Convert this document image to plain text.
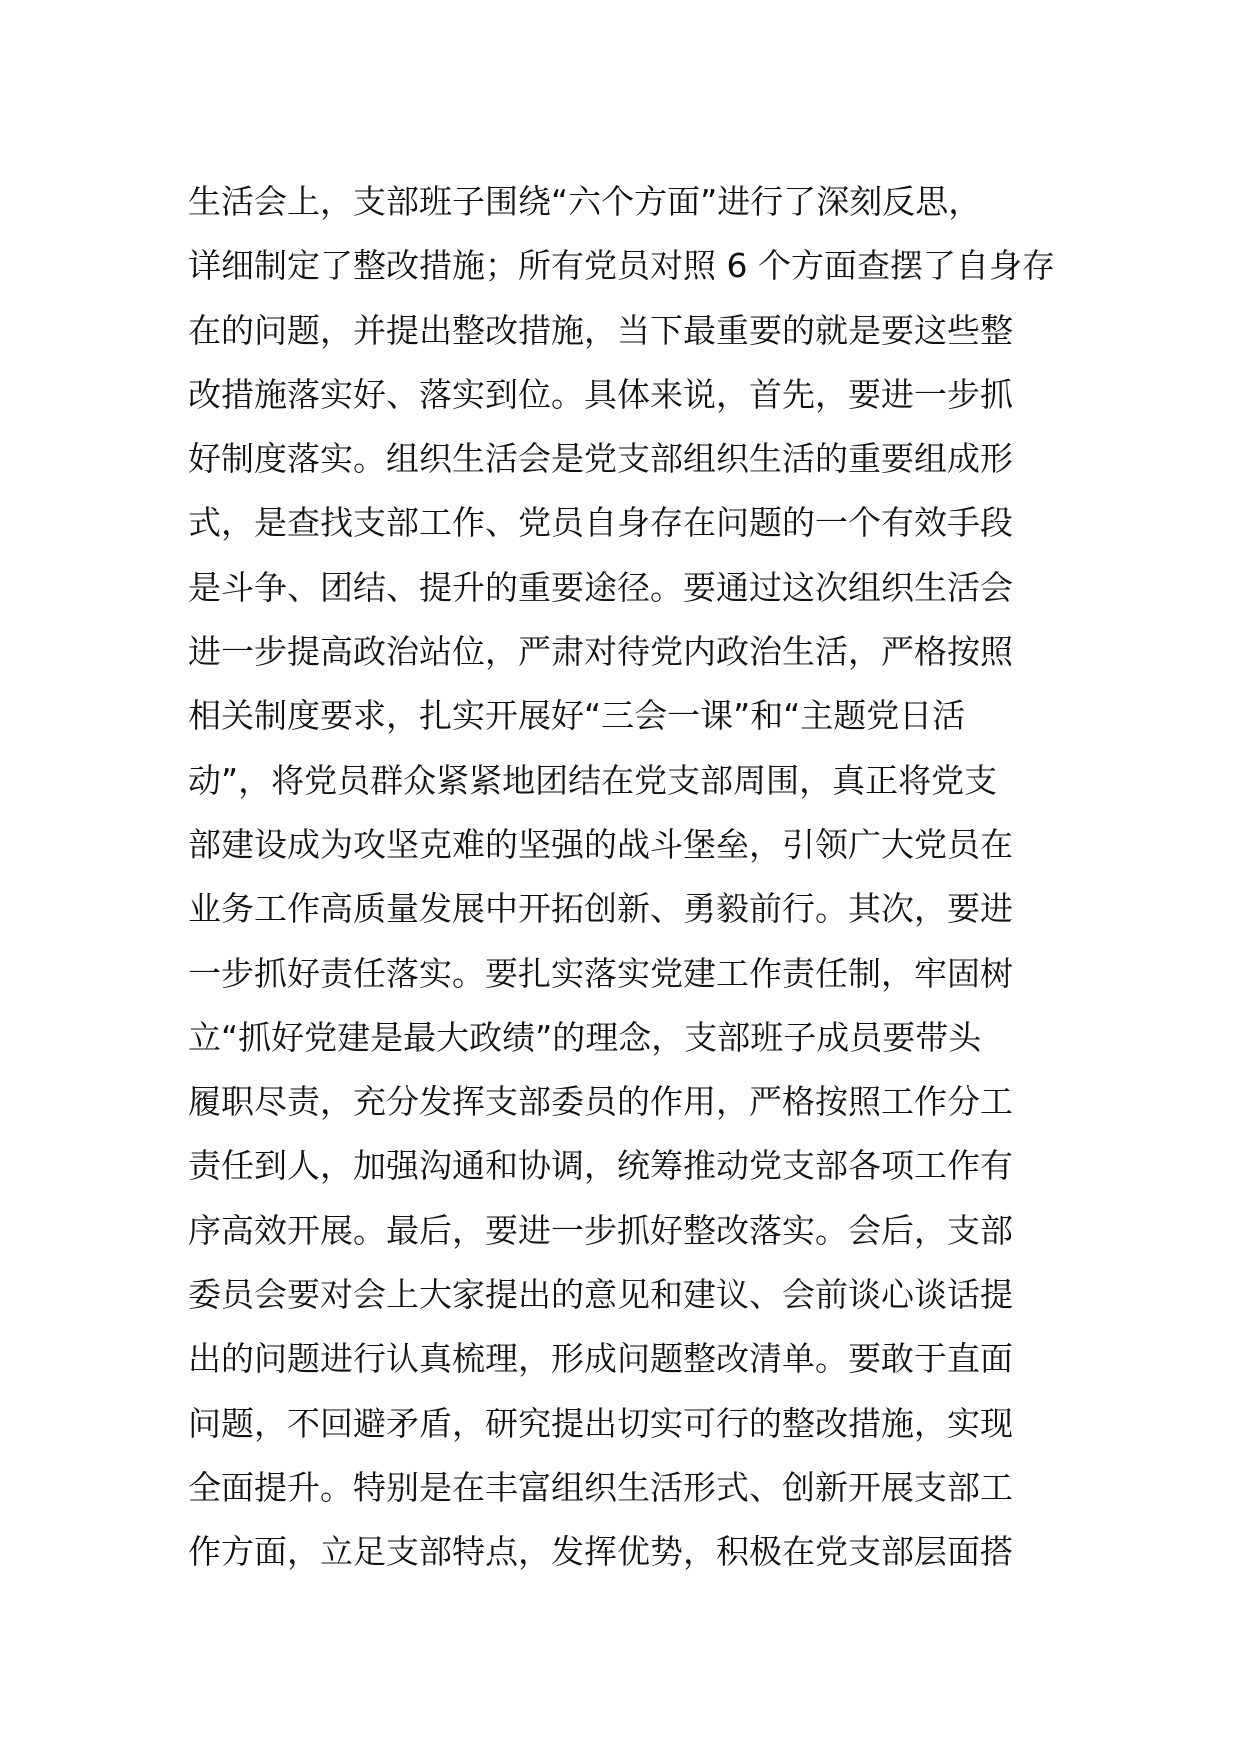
生活会上，支部班子围绕“六个方面”进行了深刻反思，
详细制定了整改措施；所有党员对照 6 个方面查摆了自身存
在的问题，并提出整改措施，当下最重要的就是要这些整
改措施落实好、落实到位。具体来说，首先，要进一步抓
好制度落实。组织生活会是党支部组织生活的重要组成形
式，是查找支部工作、党员自身存在问题的一个有效手段
是斗争、团结、提升的重要途径。要通过这次组织生活会
进一步提高政治站位，严肃对待党内政治生活，严格按照
相关制度要求，扎实开展好“三会一课”和“主题党日活
动”，将党员群众紧紧地团结在党支部周围，真正将党支
部建设成为攻坚克难的坚强的战斗堡垒，引领广大党员在
业务工作高质量发展中开拓创新、勇毅前行。其次，要进
一步抓好责任落实。要扎实落实党建工作责任制，牢固树
立“抓好党建是最大政绩”的理念，支部班子成员要带头
履职尽责，充分发挥支部委员的作用，严格按照工作分工
责任到人，加强沟通和协调，统筹推动党支部各项工作有
序高效开展。最后，要进一步抓好整改落实。会后，支部
委员会要对会上大家提出的意见和建议、会前谈心谈话提
出的问题进行认真梳理，形成问题整改清单。要敢于直面
问题，不回避矛盾，研究提出切实可行的整改措施，实现
全面提升。特别是在丰富组织生活形式、创新开展支部工
作方面，立足支部特点，发挥优势，积极在党支部层面搭
